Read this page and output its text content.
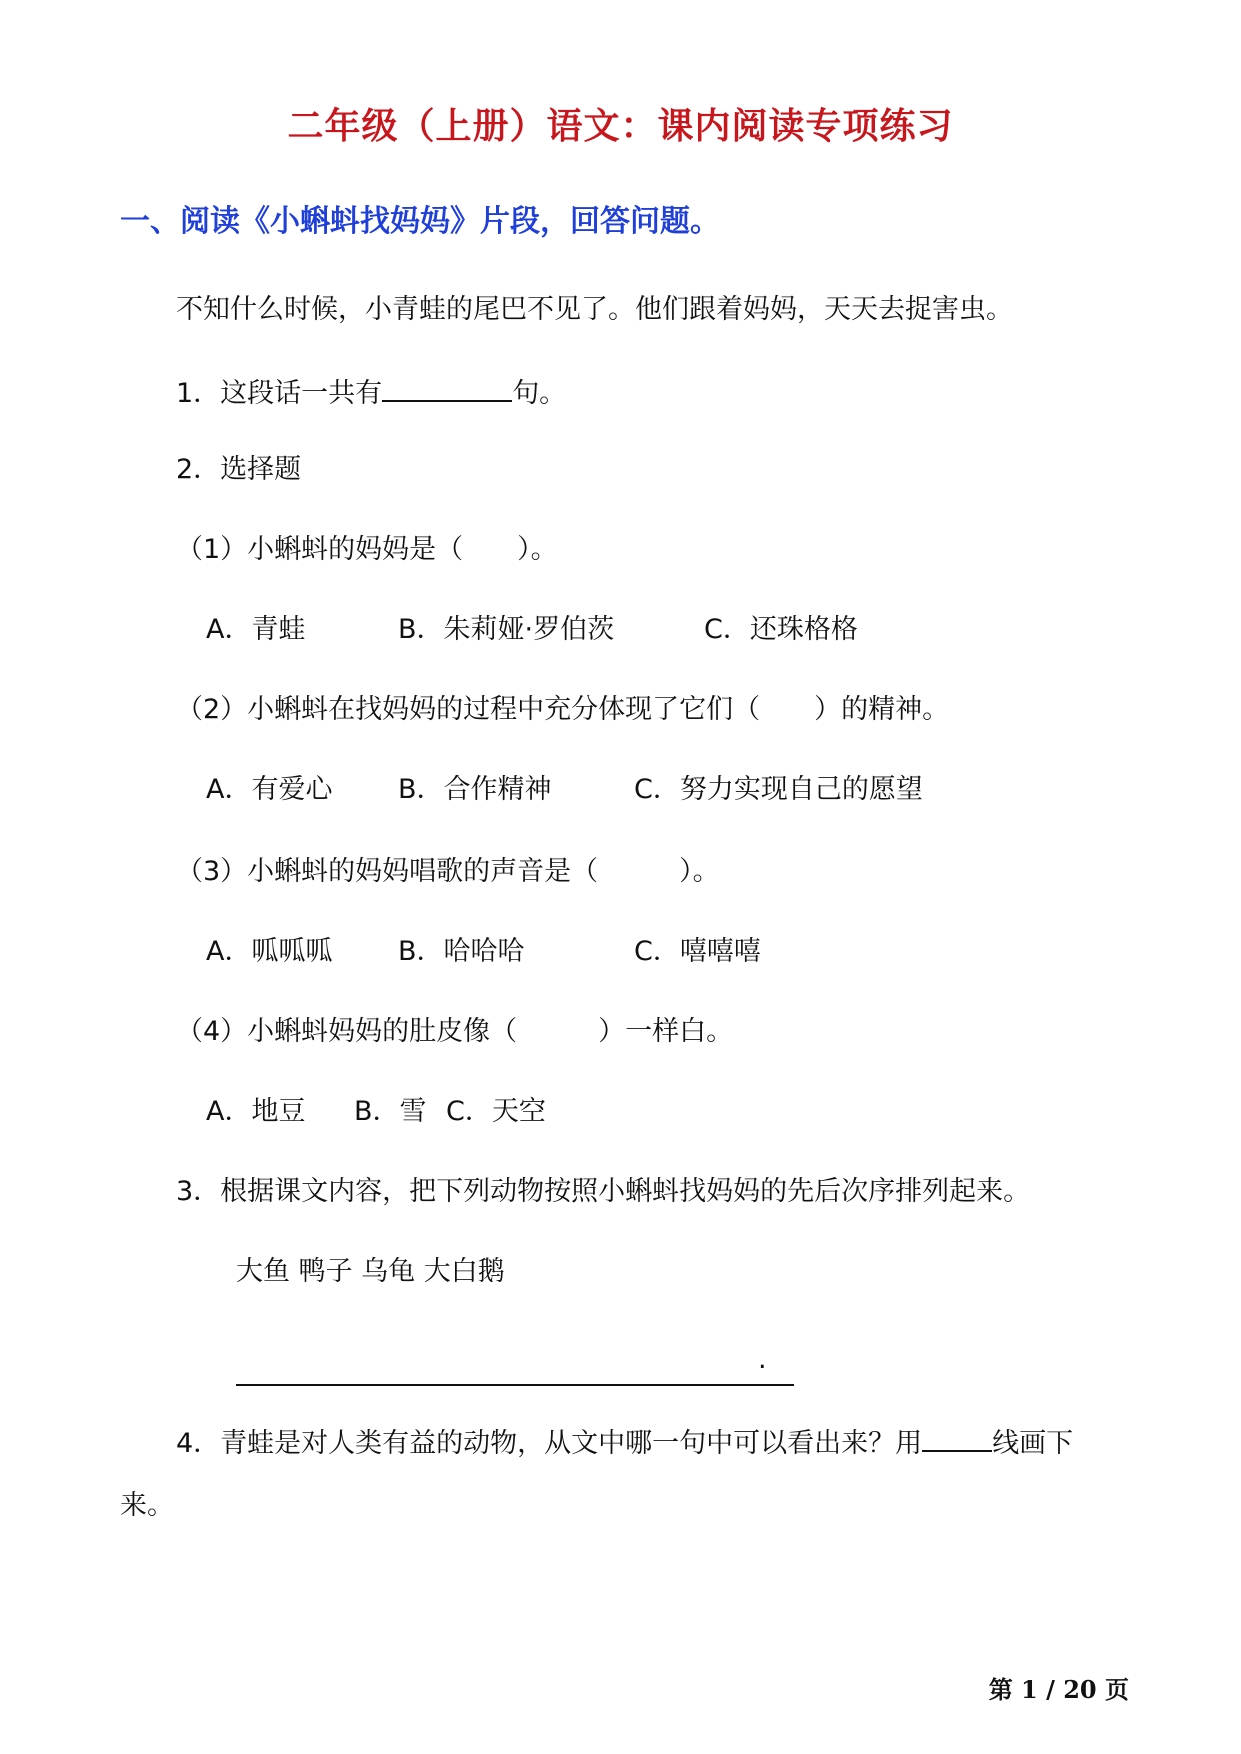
二年级（上册）语文：课内阅读专项练习
一、阅读《小蝌蚪找妈妈》片段，回答问题。
不知什么时候，小青蛙的尾巴不见了。他们跟着妈妈，天天去捉害虫。
1．这段话一共有	句。
2．选择题
（1）小蝌蚪的妈妈是（　　）。
A．青蛙	B．朱莉娅·罗伯茨	C．还珠格格
（2）小蝌蚪在找妈妈的过程中充分体现了它们（　　）的精神。
A．有爱心 B．合作精神	C．努力实现自己的愿望
（3）小蝌蚪的妈妈唱歌的声音是（　　　）。
A．呱呱呱 B．哈哈哈	C．嘻嘻嘻
（4）小蝌蚪妈妈的肚皮像（　　　）一样白。
A．地豆 B．雪 C．天空
3．根据课文内容，把下列动物按照小蝌蚪找妈妈的先后次序排列起来。
大鱼 鸭子 乌龟 大白鹅
.
4．青蛙是对人类有益的动物，从文中哪一句中可以看出来？用	线画下
来。
第 1 / 20 页
